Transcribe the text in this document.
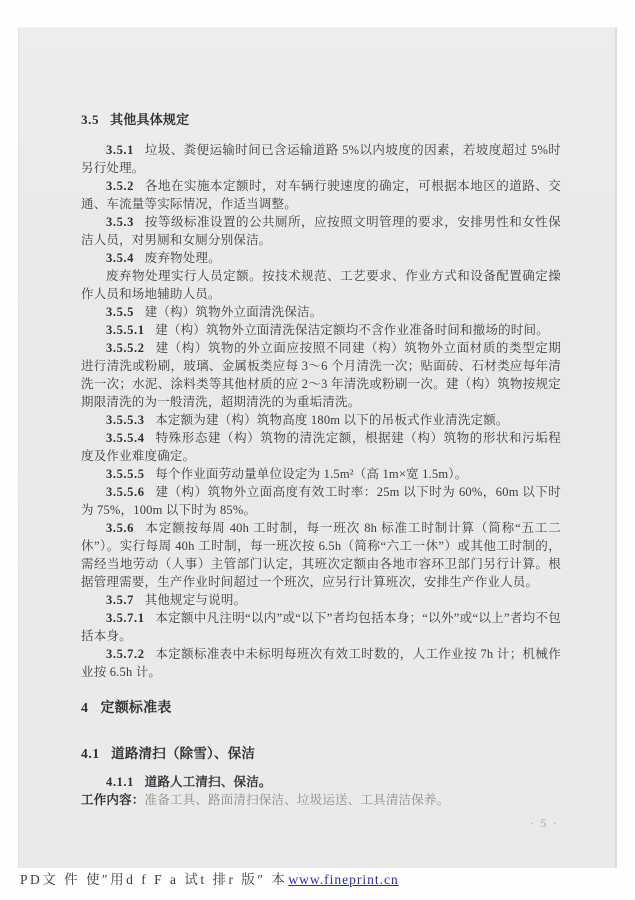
3.5 其他具体规定

3.5.1 垃圾、粪便运输时间已含运输道路 5%以内坡度的因素，若坡度超过 5%时另行处理。

3.5.2 各地在实施本定额时，对车辆行驶速度的确定，可根据本地区的道路、交通、车流量等实际情况，作适当调整。

3.5.3 按等级标准设置的公共厕所，应按照文明管理的要求，安排男性和女性保洁人员，对男厕和女厕分别保洁。

3.5.4 废弃物处理。

废弃物处理实行人员定额。按技术规范、工艺要求、作业方式和设备配置确定操作人员和场地辅助人员。

3.5.5 建（构）筑物外立面清洗保洁。

3.5.5.1 建（构）筑物外立面清洗保洁定额均不含作业准备时间和撤场的时间。

3.5.5.2 建（构）筑物的外立面应按照不同建（构）筑物外立面材质的类型定期进行清洗或粉刷，玻璃、金属板类应每 3～6 个月清洗一次；贴面砖、石材类应每年清洗一次；水泥、涂料类等其他材质的应 2～3 年清洗或粉刷一次。建（构）筑物按规定期限清洗的为一般清洗，超期清洗的为重垢清洗。

3.5.5.3 本定额为建（构）筑物高度 180m 以下的吊板式作业清洗定额。

3.5.5.4 特殊形态建（构）筑物的清洗定额，根据建（构）筑物的形状和污垢程度及作业难度确定。

3.5.5.5 每个作业面劳动量单位设定为 1.5m²（高 1m×宽 1.5m）。

3.5.5.6 建（构）筑物外立面高度有效工时率：25m 以下时为 60%，60m 以下时为 75%，100m 以下时为 85%。

3.5.6 本定额按每周 40h 工时制，每一班次 8h 标准工时制计算（简称“五工二休”）。实行每周 40h 工时制，每一班次按 6.5h（简称“六工一休”）或其他工时制的，需经当地劳动（人事）主管部门认定，其班次定额由各地市容环卫部门另行计算。根据管理需要，生产作业时间超过一个班次，应另行计算班次，安排生产作业人员。

3.5.7 其他规定与说明。

3.5.7.1 本定额中凡注明“以内”或“以下”者均包括本身；“以外”或“以上”者均不包括本身。

3.5.7.2 本定额标准表中未标明每班次有效工时数的，人工作业按 7h 计；机械作业按 6.5h 计。

4 定额标准表
4.1 道路清扫（除雪）、保洁
4.1.1 道路人工清扫、保洁。

工作内容：准备工具、路面清扫保洁、垃圾运送、工具清洁保养。

· 5 ·
PD文 件 使″用d f F a 试t 排r 版″ 本www.fineprint.cn
